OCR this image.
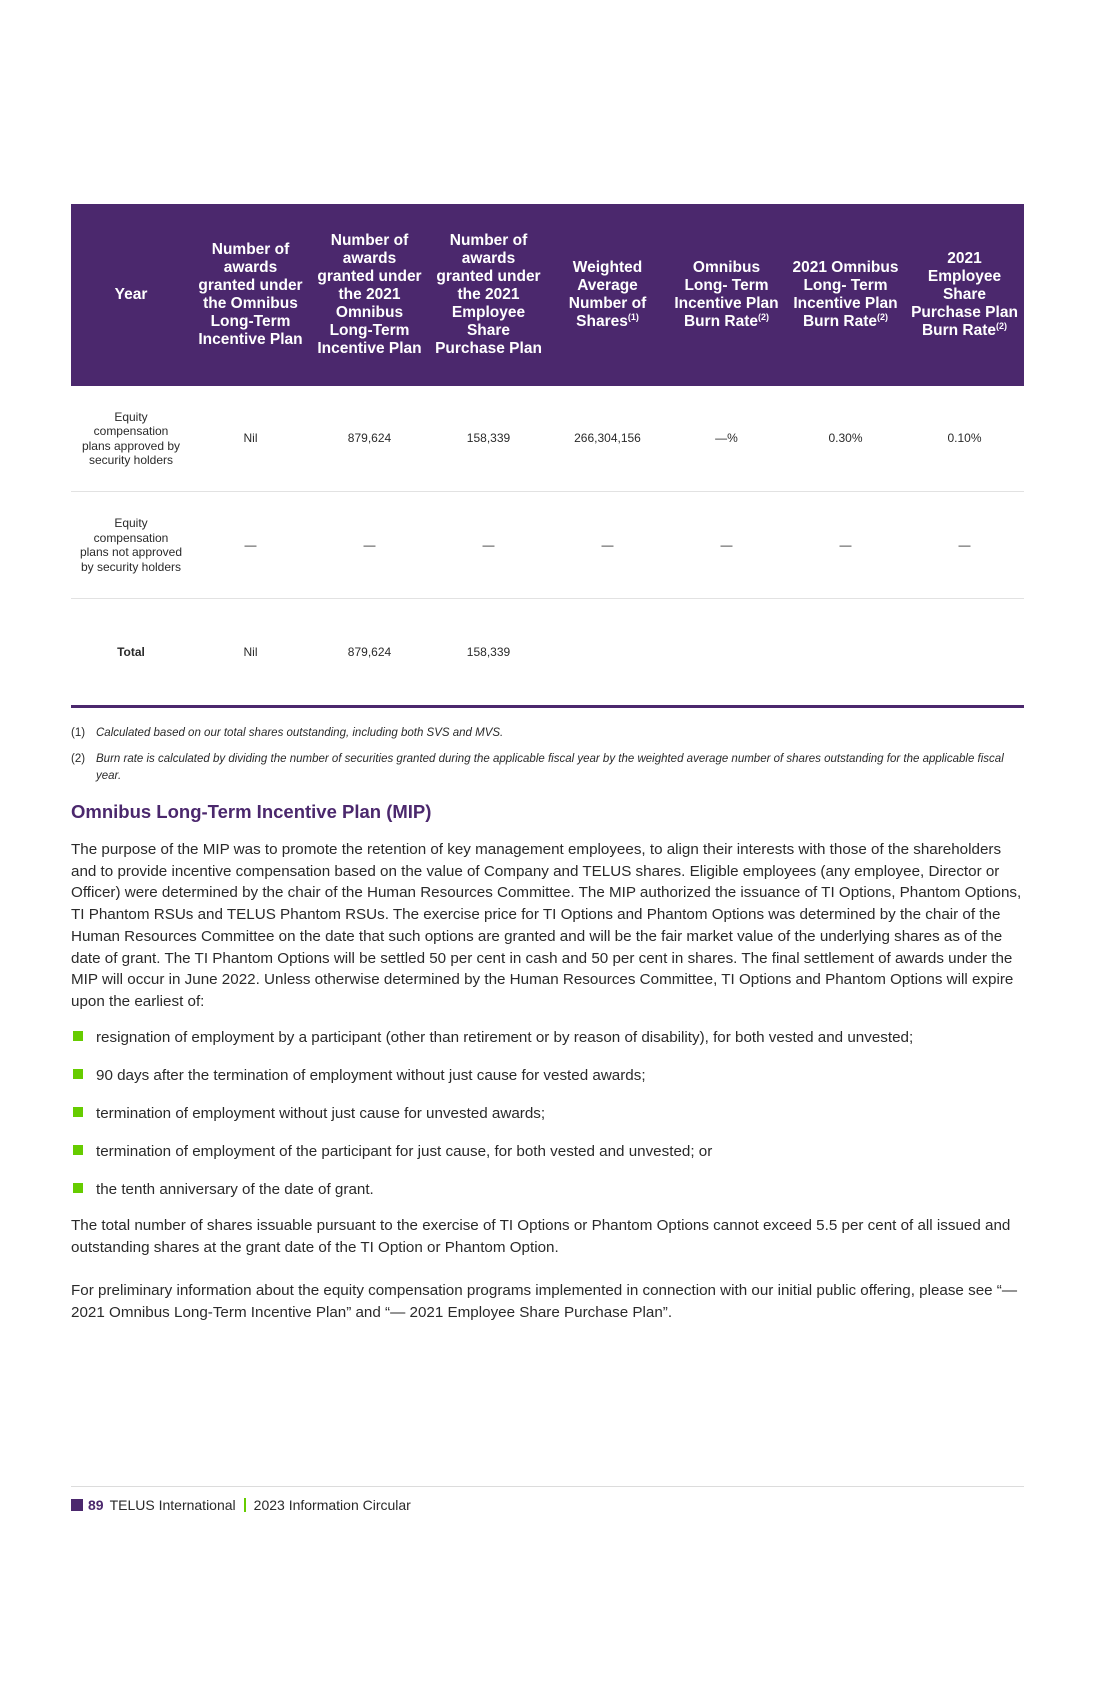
Year	Number of awards granted under the Omnibus Long-Term Incentive Plan	Number of awards granted under the 2021 Omnibus Long-Term Incentive Plan	Number of awards granted under the 2021 Employee Share Purchase Plan	Weighted Average Number of Shares$^{(1)}$	Omnibus Long- Term Incentive Plan Burn Rate$^{(2)}$	2021 Omnibus Long- Term Incentive Plan Burn Rate$^{(2)}$	2021 Employee Share Purchase Plan Burn Rate$^{(2)}$
Equity compensation plans approved by security holders	Nil	879,624	158,339	266,304,156	—%	0.30%	0.10%
Equity compensation plans not approved by security holders	—	—	—	—	—	—	—
Total	Nil	879,624	158,339				
(1) Calculated based on our total shares outstanding, including both SVS and MVS.
(2) Burn rate is calculated by dividing the number of securities granted during the applicable fiscal year by the weighted average number of shares outstanding for the applicable fiscal year.
Omnibus Long-Term Incentive Plan (MIP)

The purpose of the MIP was to promote the retention of key management employees, to align their interests with those of the shareholders and to provide incentive compensation based on the value of Company and TELUS shares. Eligible employees (any employee, Director or Officer) were determined by the chair of the Human Resources Committee. The MIP authorized the issuance of TI Options, Phantom Options, TI Phantom RSUs and TELUS Phantom RSUs. The exercise price for TI Options and Phantom Options was determined by the chair of the Human Resources Committee on the date that such options are granted and will be the fair market value of the underlying shares as of the date of grant. The TI Phantom Options will be settled 50 per cent in cash and 50 per cent in shares. The final settlement of awards under the MIP will occur in June 2022. Unless otherwise determined by the Human Resources Committee, TI Options and Phantom Options will expire upon the earliest of:

resignation of employment by a participant (other than retirement or by reason of disability), for both vested and unvested;
90 days after the termination of employment without just cause for vested awards;
termination of employment without just cause for unvested awards;
termination of employment of the participant for just cause, for both vested and unvested; or
the tenth anniversary of the date of grant.

The total number of shares issuable pursuant to the exercise of TI Options or Phantom Options cannot exceed 5.5 per cent of all issued and outstanding shares at the grant date of the TI Option or Phantom Option.

For preliminary information about the equity compensation programs implemented in connection with our initial public offering, please see “— 2021 Omnibus Long-Term Incentive Plan” and “— 2021 Employee Share Purchase Plan”.

89 TELUS International 2023 Information Circular
